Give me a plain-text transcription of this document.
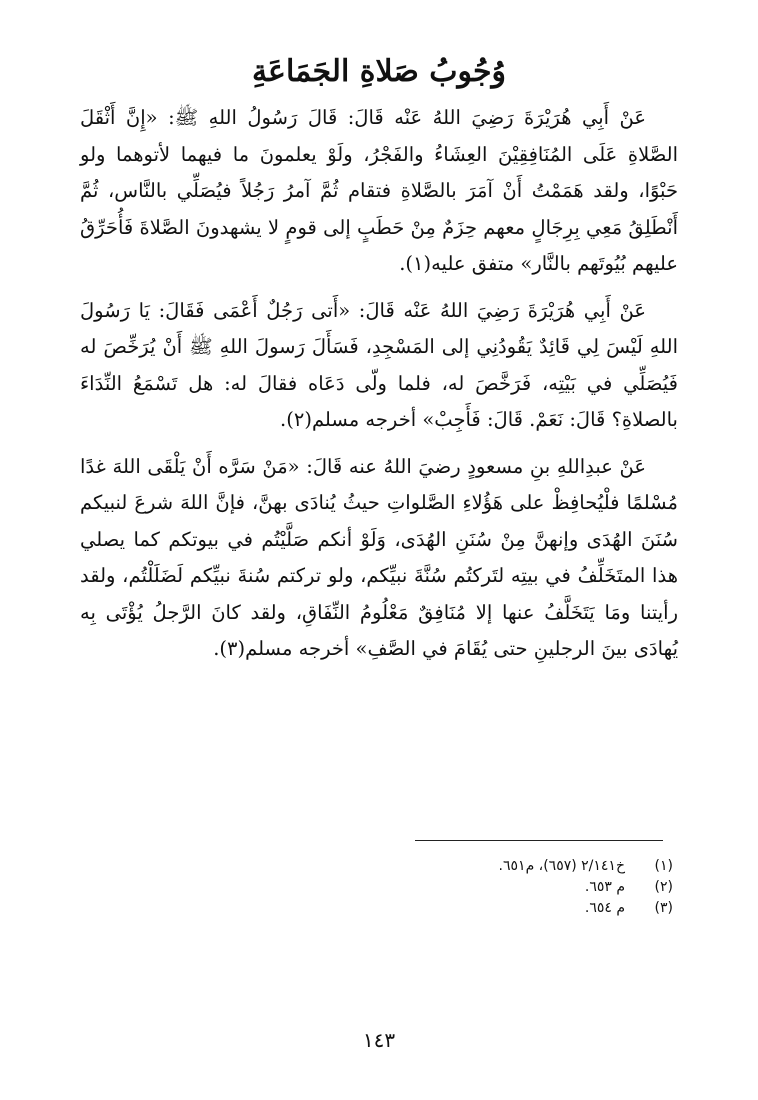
وُجُوبُ صَلاةِ الجَمَاعَةِ

عَنْ أَبِي هُرَيْرَةَ رَضِيَ اللهُ عَنْه قَالَ: قَالَ رَسُولُ اللهِ ﷺ: «إِنَّ أَثْقَلَ الصَّلاةِ عَلَى المُنَافِقِيْنَ العِشَاءُ والفَجْرُ، ولَوْ يعلمونَ ما فيهما لأتوهما ولو حَبْوًا، ولقد هَمَمْتُ أَنْ آمَرَ بالصَّلاةِ فتقام ثُمَّ آمرُ رَجُلاً فيُصَلِّي بالنَّاس، ثُمَّ أَنْطَلِقُ مَعِي بِرِجَالٍ معهم حِزَمٌ مِنْ حَطَبٍ إلى قومٍ لا يشهدونَ الصَّلاةَ فَأُحَرِّقُ عليهم بُيُوتَهم بالنَّار» متفق عليه(١).

عَنْ أَبِي هُرَيْرَةَ رَضِيَ اللهُ عَنْه قَالَ: «أَتى رَجُلٌ أَعْمَى فَقَالَ: يَا رَسُولَ اللهِ لَيْسَ لِي قَائِدٌ يَقُودُنِي إلى المَسْجِدِ، فَسَأَلَ رَسولَ اللهِ ﷺ أَنْ يُرَخِّصَ له فَيُصَلِّي في بَيْتِه، فَرَخَّصَ له، فلما ولّى دَعَاه فقالَ له: هل تَسْمَعُ النِّدَاءَ بالصلاةِ؟ قَالَ: نَعَمْ. قَالَ: فَأَجِبْ» أخرجه مسلم(٢).

عَنْ عبدِاللهِ بنِ مسعودٍ رضيَ اللهُ عنه قَالَ: «مَنْ سَرَّه أَنْ يَلْقَى اللهَ غدًا مُسْلمًا فلْيُحافِظْ على هَؤُلاءِ الصَّلواتِ حيثُ يُنادَى بهنَّ، فإنَّ اللهَ شرعَ لنبيكم سُنَنَ الهُدَى وإنهنَّ مِنْ سُنَنِ الهُدَى، وَلَوْ أنكم صَلَّيْتُم في بيوتكم كما يصلي هذا المتَخَلِّفُ في بيتِه لتَركتُم سُنَّةَ نبيِّكم، ولو تركتم سُنةَ نبيِّكم لَضَلَلْتُم، ولقد رأيتنا ومَا يَتَخَلَّفُ عنها إلا مُنَافِقٌ مَعْلُومُ النِّفَاقِ، ولقد كانَ الرَّجلُ يُؤْتَى بِه يُهادَى بينَ الرجلينِ حتى يُقَامَ في الصَّفِ» أخرجه مسلم(٣).

(١)
خ٢/١٤١ (٦٥٧)، م٦٥١.
(٢)
م ٦٥٣.
(٣)
م ٦٥٤.
١٤٣
